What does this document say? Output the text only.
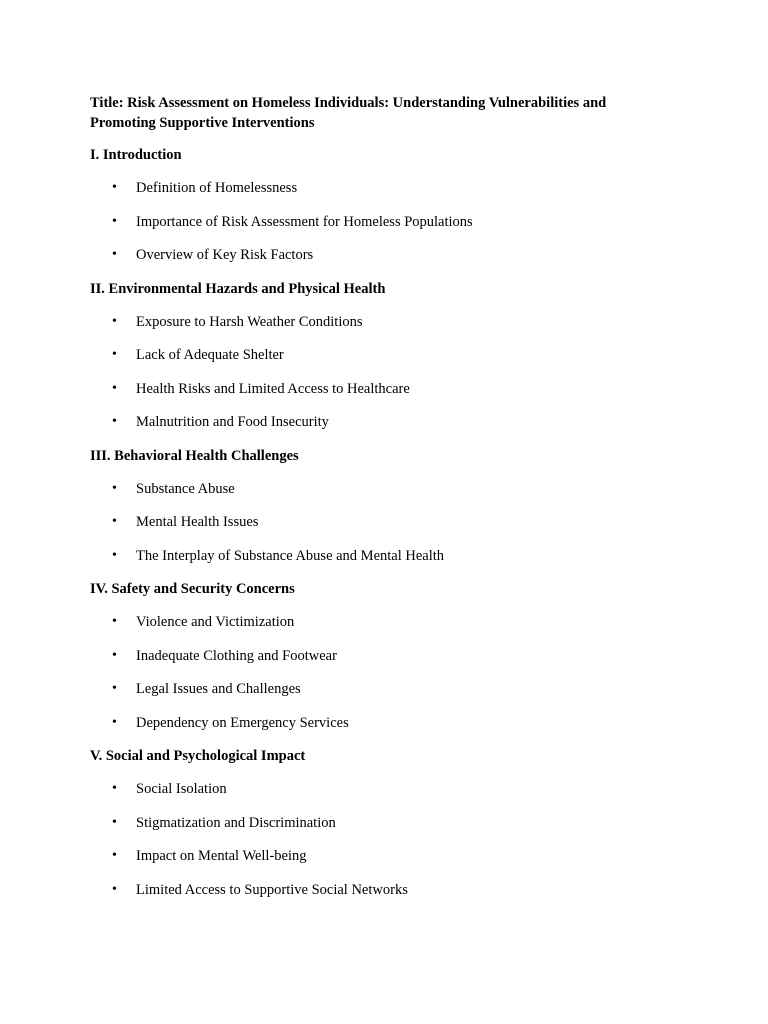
Title: Risk Assessment on Homeless Individuals: Understanding Vulnerabilities and Promoting Supportive Interventions
I. Introduction
• Definition of Homelessness
• Importance of Risk Assessment for Homeless Populations
• Overview of Key Risk Factors
II. Environmental Hazards and Physical Health
• Exposure to Harsh Weather Conditions
• Lack of Adequate Shelter
• Health Risks and Limited Access to Healthcare
• Malnutrition and Food Insecurity
III. Behavioral Health Challenges
• Substance Abuse
• Mental Health Issues
• The Interplay of Substance Abuse and Mental Health
IV. Safety and Security Concerns
• Violence and Victimization
• Inadequate Clothing and Footwear
• Legal Issues and Challenges
• Dependency on Emergency Services
V. Social and Psychological Impact
• Social Isolation
• Stigmatization and Discrimination
• Impact on Mental Well-being
• Limited Access to Supportive Social Networks
